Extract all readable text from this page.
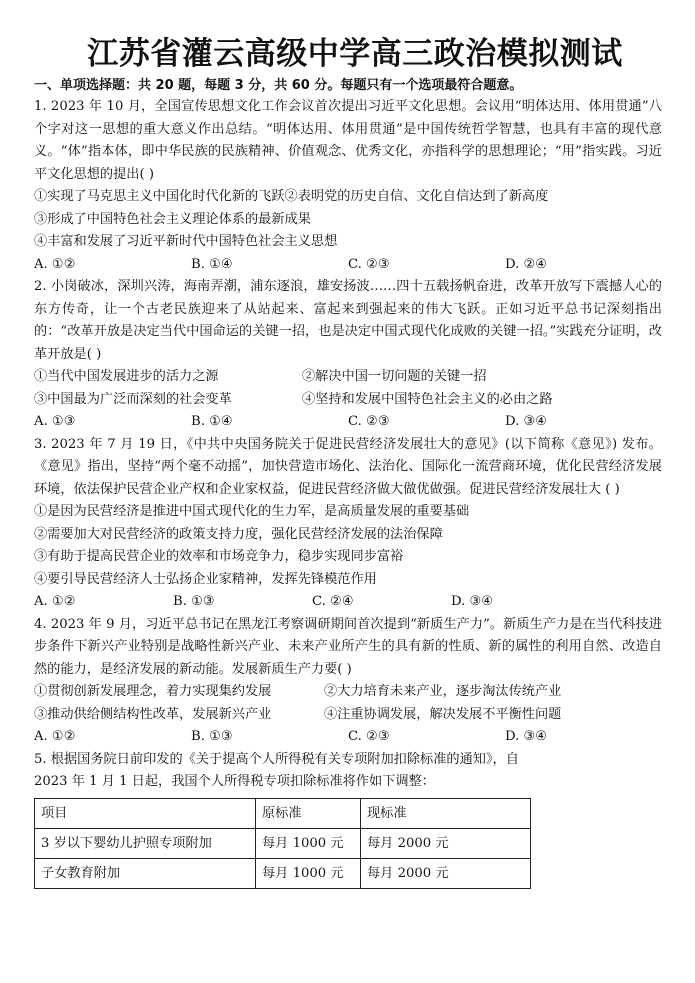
江苏省灌云高级中学高三政治模拟测试
一、单项选择题：共 20 题，每题 3 分，共 60 分。每题只有一个选项最符合题意。
1. 2023 年 10 月，全国宣传思想文化工作会议首次提出习近平文化思想。会议用“明体达用、体用贯通”八个字对这一思想的重大意义作出总结。“明体达用、体用贯通”是中国传统哲学智慧，也具有丰富的现代意义。“体”指本体，即中华民族的民族精神、价值观念、优秀文化，亦指科学的思想理论；“用”指实践。习近平文化思想的提出( )
①实现了马克思主义中国化时代化新的飞跃②表明党的历史自信、文化自信达到了新高度
③形成了中国特色社会主义理论体系的最新成果
④丰富和发展了习近平新时代中国特色社会主义思想
A. ①②	B. ①④	C. ②③	D. ②④
2. 小岗破冰，深圳兴涛，海南弄潮，浦东逐浪，雄安扬波……四十五载扬帆奋进，改革开放写下震撼人心的东方传奇，让一个古老民族迎来了从站起来、富起来到强起来的伟大飞跃。正如习近平总书记深刻指出的：“改革开放是决定当代中国命运的关键一招，也是决定中国式现代化成败的关键一招。”实践充分证明，改革开放是( )
①当代中国发展进步的活力之源	②解决中国一切问题的关键一招
③中国最为广泛而深刻的社会变革	④坚持和发展中国特色社会主义的必由之路
A. ①③	B. ①④	C. ②③	D. ③④
3. 2023 年 7 月 19 日，《中共中央国务院关于促进民营经济发展壮大的意见》(以下简称《意见》) 发布。《意见》指出，坚持“两个毫不动摇”，加快营造市场化、法治化、国际化一流营商环境，优化民营经济发展环境，依法保护民营企业产权和企业家权益，促进民营经济做大做优做强。促进民营经济发展壮大 ( )
①是因为民营经济是推进中国式现代化的生力军，是高质量发展的重要基础
②需要加大对民营经济的政策支持力度，强化民营经济发展的法治保障
③有助于提高民营企业的效率和市场竞争力，稳步实现同步富裕
④要引导民营经济人士弘扬企业家精神，发挥先锋模范作用
A. ①②	B. ①③	C. ②④	D. ③④
4. 2023 年 9 月，习近平总书记在黑龙江考察调研期间首次提到“新质生产力”。新质生产力是在当代科技进步条件下新兴产业特别是战略性新兴产业、未来产业所产生的具有新的性质、新的属性的利用自然、改造自然的能力，是经济发展的新动能。发展新质生产力要( )
①贯彻创新发展理念，着力实现集约发展	②大力培育未来产业，逐步淘汰传统产业
③推动供给侧结构性改革，发展新兴产业	④注重协调发展，解决发展不平衡性问题
A. ①②	B. ①③	C. ②③	D. ③④
5. 根据国务院日前印发的《关于提高个人所得税有关专项附加扣除标准的通知》，自
2023 年 1 月 1 日起，我国个人所得税专项扣除标准将作如下调整：
项目	原标准	现标准
3 岁以下婴幼儿护照专项附加	每月 1000 元	每月 2000 元
子女教育附加	每月 1000 元	每月 2000 元
